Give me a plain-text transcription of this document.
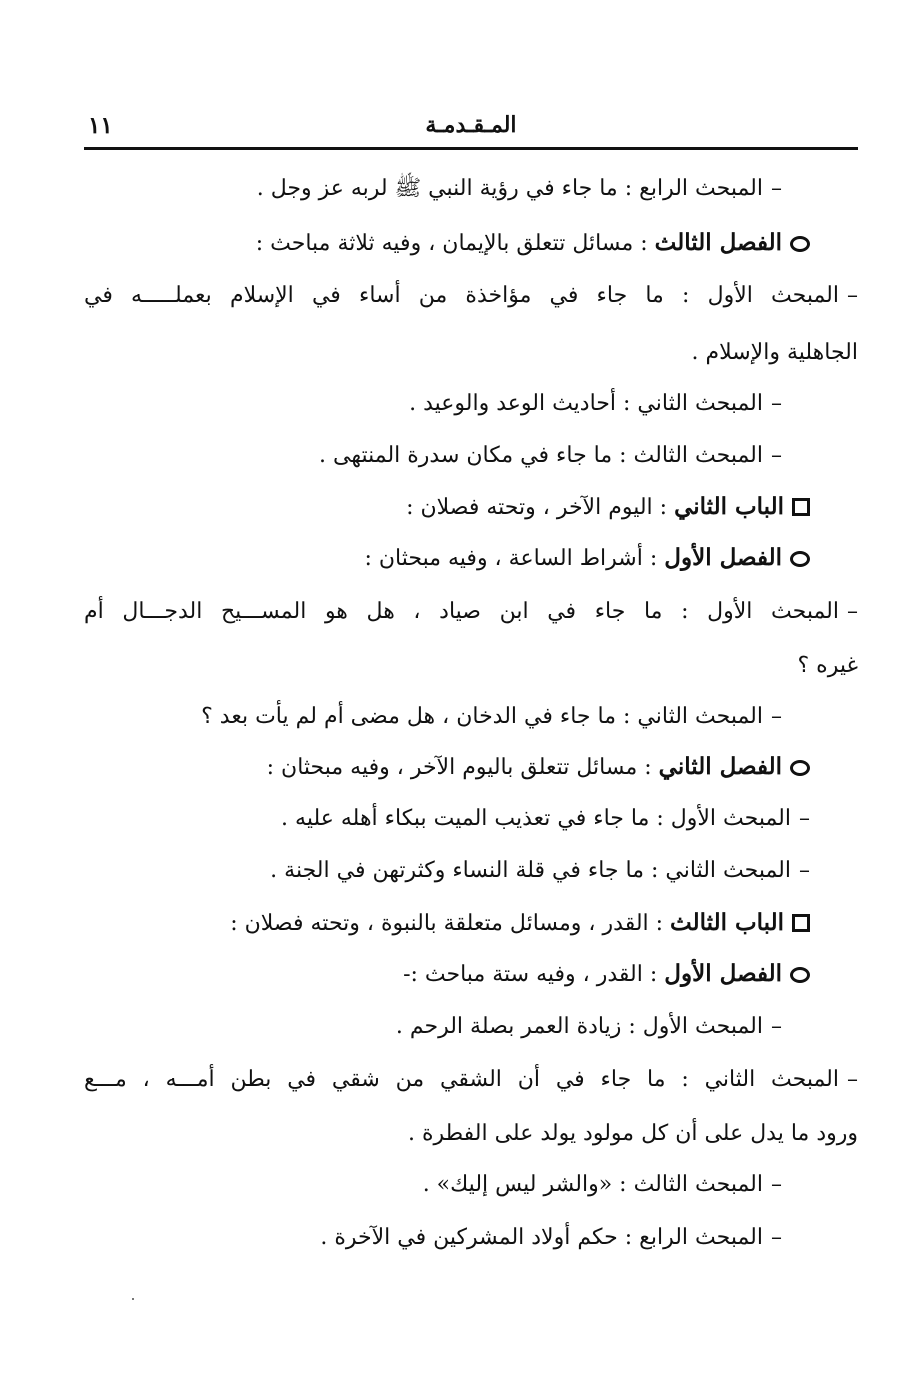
المـقـدمـة
١١
–المبحث الرابع : ما جاء في رؤية النبي ﷺ لربه عز وجل .
الفصل الثالث : مسائل تتعلق بالإيمان ، وفيه ثلاثة مباحث :
–المبحث الأول : ما جاء في مؤاخذة من أساء في الإسلام بعملـــــه في
الجاهلية والإسلام .
–المبحث الثاني : أحاديث الوعد والوعيد .
–المبحث الثالث : ما جاء في مكان سدرة المنتهى .
الباب الثاني : اليوم الآخر ، وتحته فصلان :
الفصل الأول : أشراط الساعة ، وفيه مبحثان :
–المبحث الأول : ما جاء في ابن صياد ، هل هو المســـيح الدجـــال أم
غيره ؟
–المبحث الثاني : ما جاء في الدخان ، هل مضى أم لم يأت بعد ؟
الفصل الثاني : مسائل تتعلق باليوم الآخر ، وفيه مبحثان :
–المبحث الأول : ما جاء في تعذيب الميت ببكاء أهله عليه .
–المبحث الثاني : ما جاء في قلة النساء وكثرتهن في الجنة .
الباب الثالث : القدر ، ومسائل متعلقة بالنبوة ، وتحته فصلان :
الفصل الأول : القدر ، وفيه ستة مباحث :-
–المبحث الأول : زيادة العمر بصلة الرحم .
–المبحث الثاني : ما جاء في أن الشقي من شقي في بطن أمـــه ، مـــع
ورود ما يدل على أن كل مولود يولد على الفطرة .
–المبحث الثالث : «والشر ليس إليك» .
–المبحث الرابع : حكم أولاد المشركين في الآخرة .
